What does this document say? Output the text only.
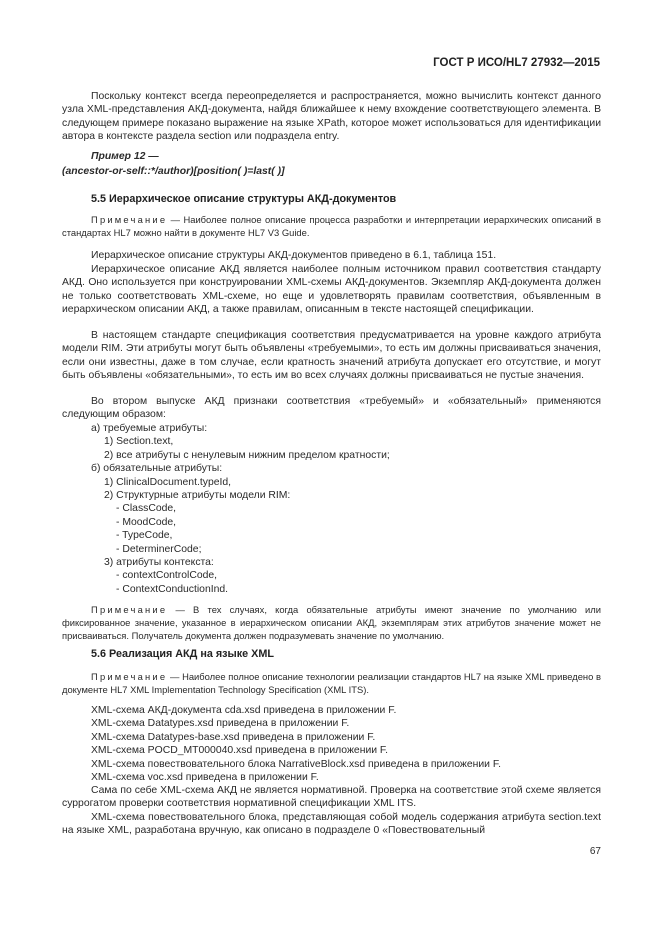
ГОСТ Р ИСО/HL7 27932—2015

Поскольку контекст всегда переопределяется и распространяется, можно вычислить контекст данного узла XML-представления АКД-документа, найдя ближайшее к нему вхождение соответствующего элемента. В следующем примере показано выражение на языке XPath, которое может использоваться для идентификации автора в контексте раздела section или подраздела entry.

Пример 12 —
(ancestor-or-self::*/author)[position( )=last( )]
5.5 Иерархическое описание структуры АКД-документов

Примечание — Наиболее полное описание процесса разработки и интерпретации иерархических описаний в стандартах HL7 можно найти в документе HL7 V3 Guide.

Иерархическое описание структуры АКД-документов приведено в 6.1, таблица 151.

Иерархическое описание АКД является наиболее полным источником правил соответствия стандарту АКД. Оно используется при конструировании XML-схемы АКД-документов. Экземпляр АКД-документа должен не только соответствовать XML-схеме, но еще и удовлетворять правилам соответствия, объявленным в иерархическом описании АКД, а также правилам, описанным в тексте настоящей спецификации.

В настоящем стандарте спецификация соответствия предусматривается на уровне каждого атрибута модели RIM. Эти атрибуты могут быть объявлены «требуемыми», то есть им должны присваиваться значения, если они известны, даже в том случае, если кратность значений атрибута допускает его отсутствие, и могут быть объявлены «обязательными», то есть им во всех случаях должны присваиваться не пустые значения.

Во втором выпуске АКД признаки соответствия «требуемый» и «обязательный» применяются следующим образом:

а) требуемые атрибуты:
1) Section.text,
2) все атрибуты с ненулевым нижним пределом кратности;
б) обязательные атрибуты:
1) ClinicalDocument.typeId,
2) Структурные атрибуты модели RIM:
- ClassCode,
- MoodCode,
- TypeCode,
- DeterminerCode;
3) атрибуты контекста:
- contextControlCode,
- ContextConductionInd.

Примечание — В тех случаях, когда обязательные атрибуты имеют значение по умолчанию или фиксированное значение, указанное в иерархическом описании АКД, экземплярам этих атрибутов значение может не присваиваться. Получатель документа должен подразумевать значение по умолчанию.

5.6 Реализация АКД на языке XML

Примечание — Наиболее полное описание технологии реализации стандартов HL7 на языке XML приведено в документе HL7 XML Implementation Technology Specification (XML ITS).

XML-схема АКД-документа cda.xsd приведена в приложении F.
XML-схема Datatypes.xsd приведена в приложении F.
XML-схема Datatypes-base.xsd приведена в приложении F.
XML-схема POCD_MT000040.xsd приведена в приложении F.
XML-схема повествовательного блока NarrativeBlock.xsd приведена в приложении F.
XML-схема voc.xsd приведена в приложении F.

Сама по себе XML-схема АКД не является нормативной. Проверка на соответствие этой схеме является суррогатом проверки соответствия нормативной спецификации XML ITS.

XML-схема повествовательного блока, представляющая собой модель содержания атрибута section.text на языке XML, разработана вручную, как описано в подразделе 0 «Повествовательный

67
